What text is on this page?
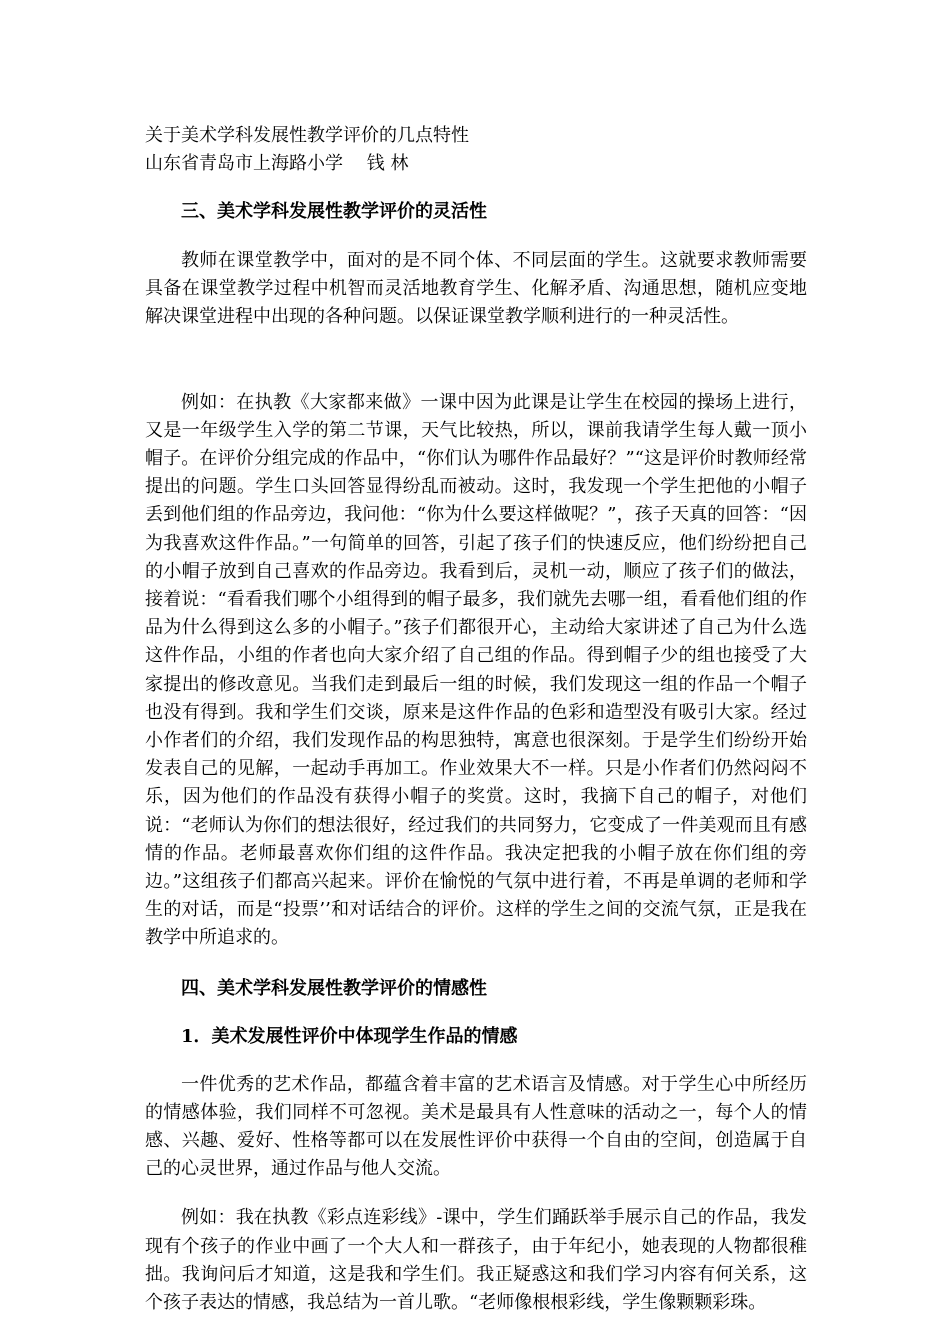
关于美术学科发展性教学评价的几点特性
山东省青岛市上海路小学　 钱 林
三、美术学科发展性教学评价的灵活性

教师在课堂教学中，面对的是不同个体、不同层面的学生。这就要求教师需要具备在课堂教学过程中机智而灵活地教育学生、化解矛盾、沟通思想，随机应变地解决课堂进程中出现的各种问题。以保证课堂教学顺利进行的一种灵活性。

例如：在执教《大家都来做》一课中因为此课是让学生在校园的操场上进行，又是一年级学生入学的第二节课，天气比较热，所以，课前我请学生每人戴一顶小帽子。在评价分组完成的作品中，“你们认为哪件作品最好？”“这是评价时教师经常提出的问题。学生口头回答显得纷乱而被动。这时，我发现一个学生把他的小帽子丢到他们组的作品旁边，我问他：“你为什么要这样做呢？”，孩子天真的回答：“因为我喜欢这件作品。”一句简单的回答，引起了孩子们的快速反应，他们纷纷把自己的小帽子放到自己喜欢的作品旁边。我看到后，灵机一动，顺应了孩子们的做法，接着说：“看看我们哪个小组得到的帽子最多，我们就先去哪一组，看看他们组的作品为什么得到这么多的小帽子。”孩子们都很开心，主动给大家讲述了自己为什么选这件作品，小组的作者也向大家介绍了自己组的作品。得到帽子少的组也接受了大家提出的修改意见。当我们走到最后一组的时候，我们发现这一组的作品一个帽子也没有得到。我和学生们交谈，原来是这件作品的色彩和造型没有吸引大家。经过小作者们的介绍，我们发现作品的构思独特，寓意也很深刻。于是学生们纷纷开始发表自己的见解，一起动手再加工。作业效果大不一样。只是小作者们仍然闷闷不乐，因为他们的作品没有获得小帽子的奖赏。这时，我摘下自己的帽子，对他们说：“老师认为你们的想法很好，经过我们的共同努力，它变成了一件美观而且有感情的作品。老师最喜欢你们组的这件作品。我决定把我的小帽子放在你们组的旁边。”这组孩子们都高兴起来。评价在愉悦的气氛中进行着，不再是单调的老师和学生的对话，而是“投票’’和对话结合的评价。这样的学生之间的交流气氛，正是我在教学中所追求的。

四、美术学科发展性教学评价的情感性
1．美术发展性评价中体现学生作品的情感

一件优秀的艺术作品，都蕴含着丰富的艺术语言及情感。对于学生心中所经历的情感体验，我们同样不可忽视。美术是最具有人性意味的活动之一，每个人的情感、兴趣、爱好、性格等都可以在发展性评价中获得一个自由的空间，创造属于自己的心灵世界，通过作品与他人交流。

例如：我在执教《彩点连彩线》-课中，学生们踊跃举手展示自己的作品，我发现有个孩子的作业中画了一个大人和一群孩子，由于年纪小，她表现的人物都很稚拙。我询问后才知道，这是我和学生们。我正疑惑这和我们学习内容有何关系，这个孩子表达的情感，我总结为一首儿歌。“老师像根根彩线，学生像颗颗彩珠。
